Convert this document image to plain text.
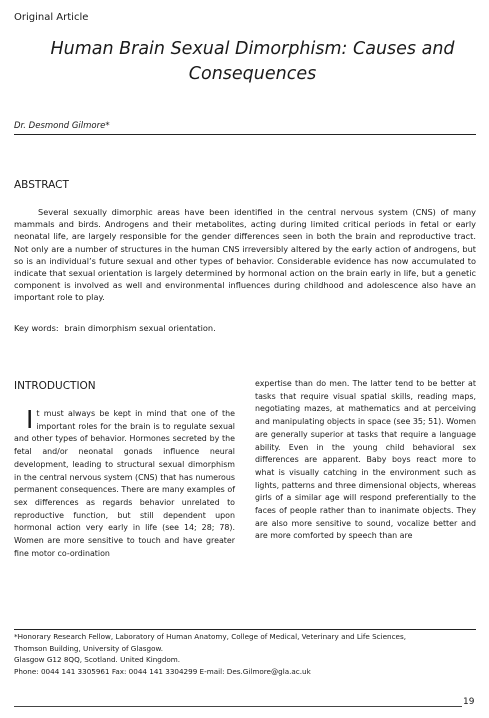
Original Article
Human Brain Sexual Dimorphism: Causes and Consequences
Dr. Desmond Gilmore*
ABSTRACT

Several sexually dimorphic areas have been identified in the central nervous system (CNS) of many mammals and birds. Androgens and their metabolites, acting during limited critical periods in fetal or early neonatal life, are largely responsible for the gender differences seen in both the brain and reproductive tract. Not only are a number of structures in the human CNS irreversibly altered by the early action of androgens, but so is an individual’s future sexual and other types of behavior. Considerable evidence has now accumulated to indicate that sexual orientation is largely determined by hormonal action on the brain early in life, but a genetic component is involved as well and environmental influences during childhood and adolescence also have an important role to play.

Key words: brain dimorphism sexual orientation.
INTRODUCTION

It must always be kept in mind that one of the important roles for the brain is to regulate sexual and other types of behavior. Hormones secreted by the fetal and/or neonatal gonads influence neural development, leading to structural sexual dimorphism in the central nervous system (CNS) that has numerous permanent consequences. There are many examples of sex differences as regards behavior unrelated to reproductive function, but still dependent upon hormonal action very early in life (see 14; 28; 78). Women are more sensitive to touch and have greater fine motor co-ordination

expertise than do men. The latter tend to be better at tasks that require visual spatial skills, reading maps, negotiating mazes, at mathematics and at perceiving and manipulating objects in space (see 35; 51). Women are generally superior at tasks that require a language ability. Even in the young child behavioral sex differences are apparent. Baby boys react more to what is visually catching in the environment such as lights, patterns and three dimensional objects, whereas girls of a similar age will respond preferentially to the faces of people rather than to inanimate objects. They are also more sensitive to sound, vocalize better and are more comforted by speech than are

*Honorary Research Fellow, Laboratory of Human Anatomy, College of Medical, Veterinary and Life Sciences,
Thomson Building, University of Glasgow.
Glasgow G12 8QQ, Scotland. United Kingdom.
Phone: 0044 141 3305961 Fax: 0044 141 3304299 E-mail: Des.Gilmore@gla.ac.uk
19
